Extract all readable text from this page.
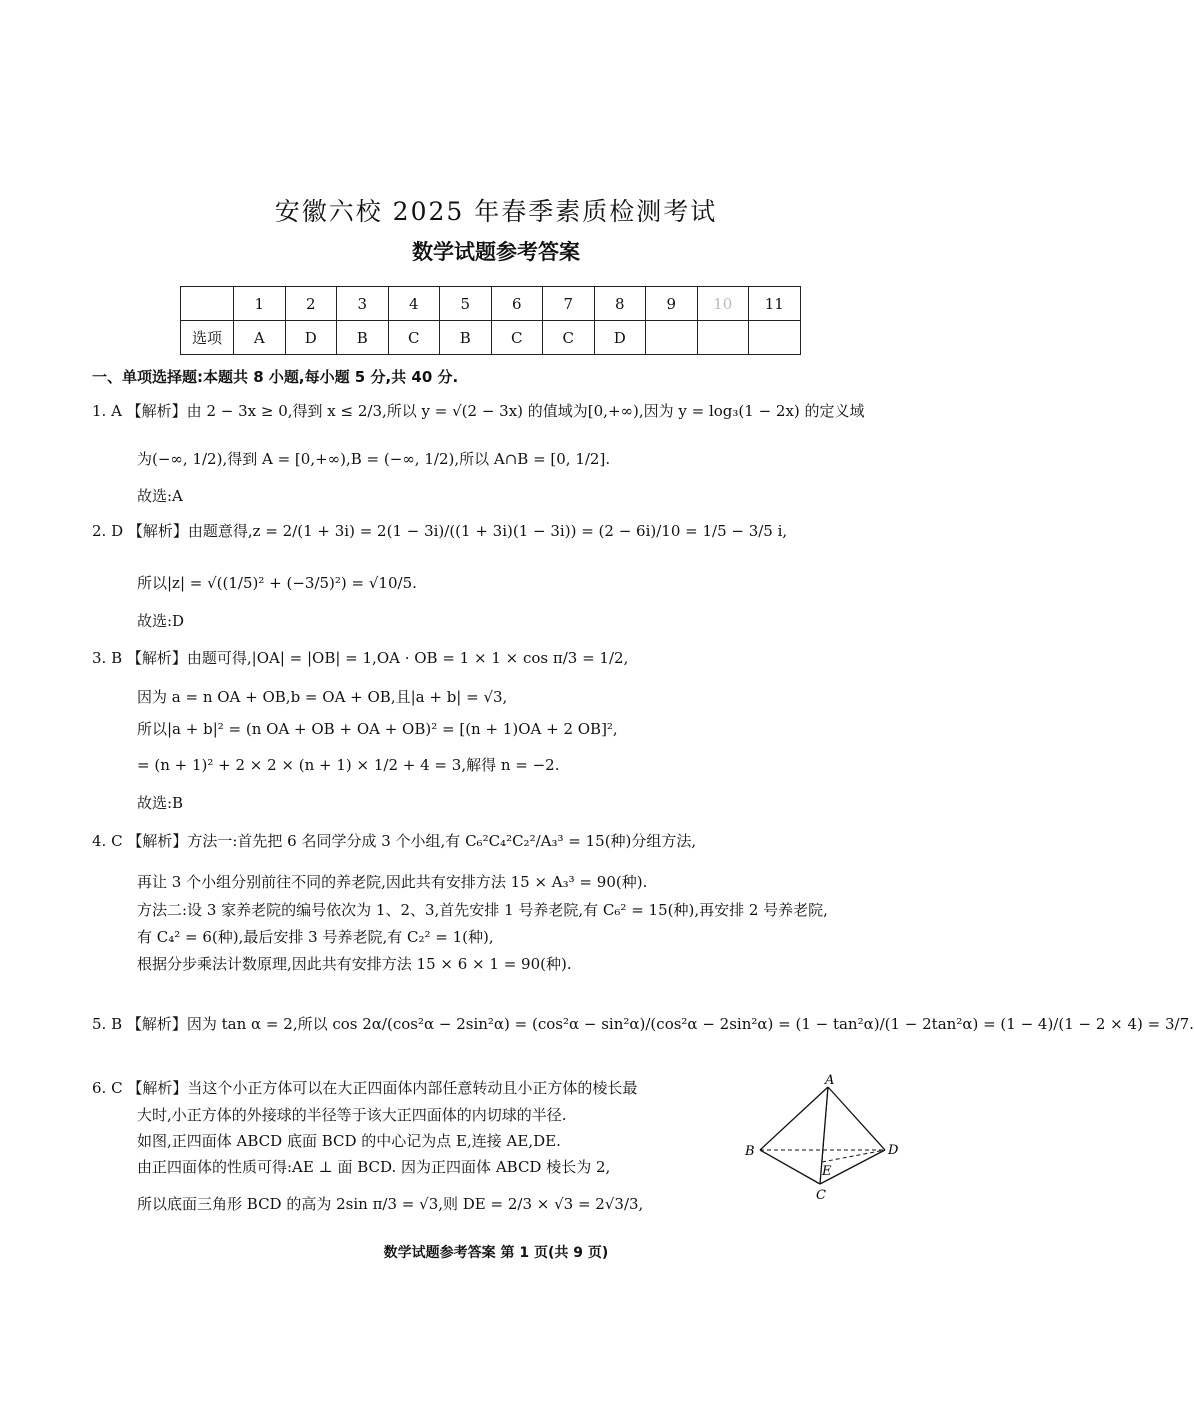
安徽六校 2025 年春季素质检测考试
数学试题参考答案
	1	2	3	4	5	6	7	8	9	10	11
选项	A	D	B	C	B	C	C	D			
一、单项选择题:本题共 8 小题,每小题 5 分,共 40 分.
1. A 【解析】由 2 − 3x ≥ 0,得到 x ≤ 2/3,所以 y = √(2 − 3x) 的值域为[0,+∞),因为 y = log₃(1 − 2x) 的定义域
为(−∞, 1/2),得到 A = [0,+∞),B = (−∞, 1/2),所以 A∩B = [0, 1/2].
故选:A
2. D 【解析】由题意得,z = 2/(1 + 3i) = 2(1 − 3i)/((1 + 3i)(1 − 3i)) = (2 − 6i)/10 = 1/5 − 3/5 i,
所以|z| = √((1/5)² + (−3/5)²) = √10/5.
故选:D
3. B 【解析】由题可得,|OA| = |OB| = 1,OA · OB = 1 × 1 × cos π/3 = 1/2,
因为 a = n OA + OB,b = OA + OB,且|a + b| = √3,
所以|a + b|² = (n OA + OB + OA + OB)² = [(n + 1)OA + 2 OB]²,
= (n + 1)² + 2 × 2 × (n + 1) × 1/2 + 4 = 3,解得 n = −2.
故选:B
4. C 【解析】方法一:首先把 6 名同学分成 3 个小组,有 C₆²C₄²C₂²/A₃³ = 15(种)分组方法,
再让 3 个小组分别前往不同的养老院,因此共有安排方法 15 × A₃³ = 90(种).
方法二:设 3 家养老院的编号依次为 1、2、3,首先安排 1 号养老院,有 C₆² = 15(种),再安排 2 号养老院,
有 C₄² = 6(种),最后安排 3 号养老院,有 C₂² = 1(种),
根据分步乘法计数原理,因此共有安排方法 15 × 6 × 1 = 90(种).
5. B 【解析】因为 tan α = 2,所以 cos 2α/(cos²α − 2sin²α) = (cos²α − sin²α)/(cos²α − 2sin²α) = (1 − tan²α)/(1 − 2tan²α) = (1 − 4)/(1 − 2 × 4) = 3/7.
6. C 【解析】当这个小正方体可以在大正四面体内部任意转动且小正方体的棱长最
大时,小正方体的外接球的半径等于该大正四面体的内切球的半径.
如图,正四面体 ABCD 底面 BCD 的中心记为点 E,连接 AE,DE.
由正四面体的性质可得:AE ⊥ 面 BCD. 因为正四面体 ABCD 棱长为 2,
所以底面三角形 BCD 的高为 2sin π/3 = √3,则 DE = 2/3 × √3 = 2√3/3,
A
B
C
D
E
数学试题参考答案 第 1 页(共 9 页)
